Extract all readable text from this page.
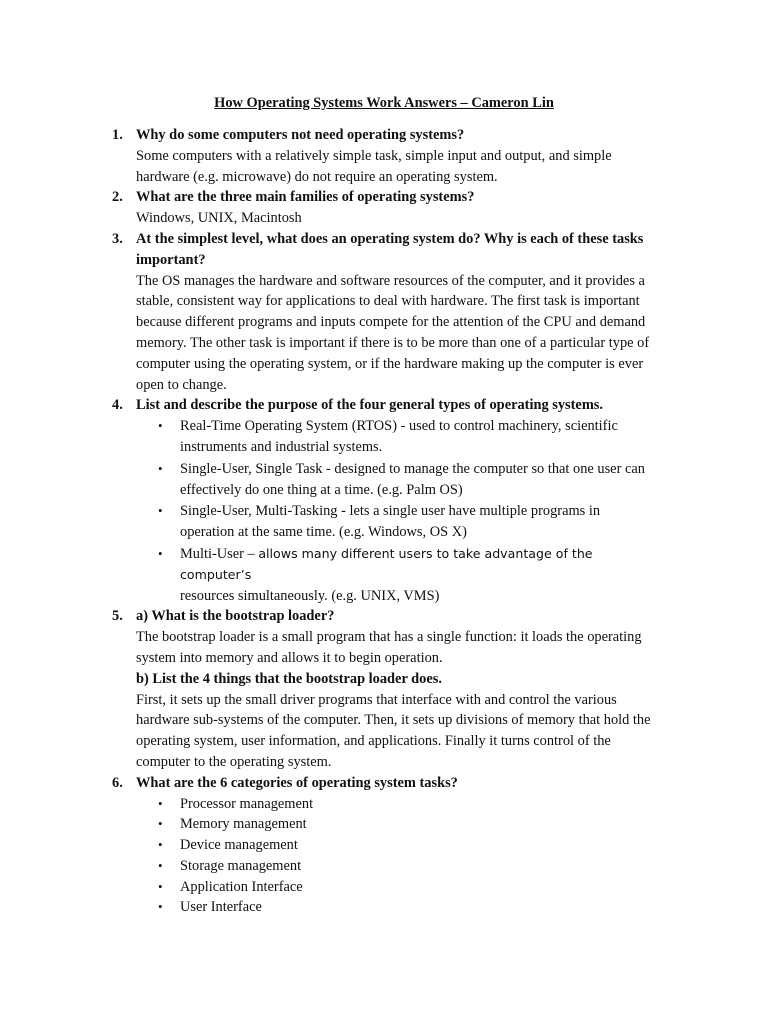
How Operating Systems Work Answers – Cameron Lin
1. Why do some computers not need operating systems?
Some computers with a relatively simple task, simple input and output, and simple hardware (e.g. microwave) do not require an operating system.
2. What are the three main families of operating systems?
Windows, UNIX, Macintosh
3. At the simplest level, what does an operating system do? Why is each of these tasks important?
The OS manages the hardware and software resources of the computer, and it provides a stable, consistent way for applications to deal with hardware. The first task is important because different programs and inputs compete for the attention of the CPU and demand memory. The other task is important if there is to be more than one of a particular type of computer using the operating system, or if the hardware making up the computer is ever open to change.
4. List and describe the purpose of the four general types of operating systems.
• Real-Time Operating System (RTOS) - used to control machinery, scientific instruments and industrial systems.
• Single-User, Single Task - designed to manage the computer so that one user can effectively do one thing at a time. (e.g. Palm OS)
• Single-User, Multi-Tasking - lets a single user have multiple programs in operation at the same time. (e.g. Windows, OS X)
• Multi-User – allows many different users to take advantage of the computer’s
resources simultaneously. (e.g. UNIX, VMS)
5. a) What is the bootstrap loader?
The bootstrap loader is a small program that has a single function: it loads the operating system into memory and allows it to begin operation.
b) List the 4 things that the bootstrap loader does.
First, it sets up the small driver programs that interface with and control the various hardware sub-systems of the computer. Then, it sets up divisions of memory that hold the operating system, user information, and applications. Finally it turns control of the computer to the operating system.
6. What are the 6 categories of operating system tasks?
• Processor management
• Memory management
• Device management
• Storage management
• Application Interface
• User Interface
